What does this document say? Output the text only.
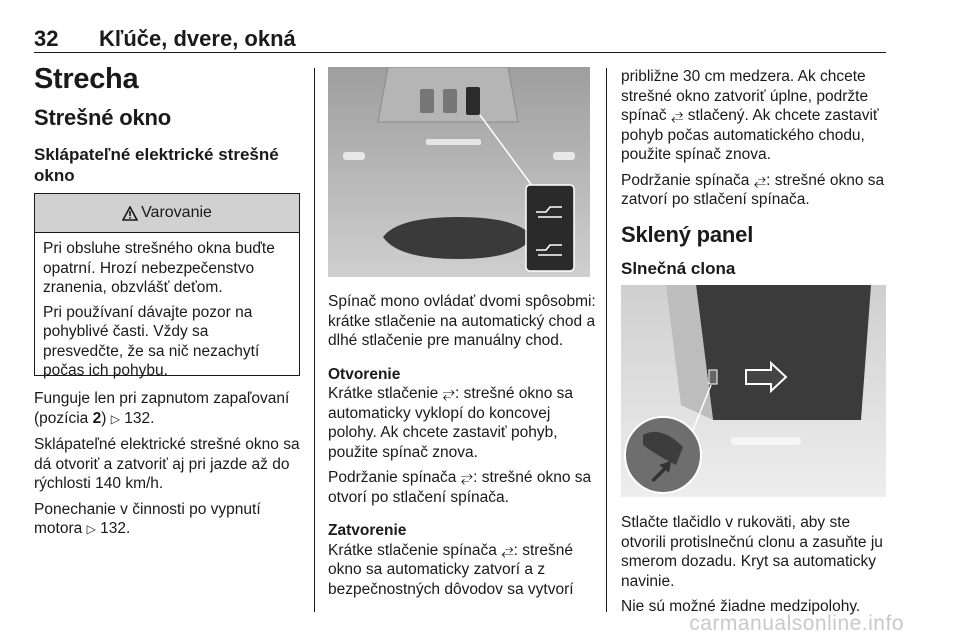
32 Kľúče, dvere, okná
Strecha
Strešné okno
Sklápateľné elektrické strešné okno
Varovanie

Pri obsluhe strešného okna buďte opatrní. Hrozí nebezpečenstvo zranenia, obzvlášť deťom.

Pri používaní dávajte pozor na pohyblivé časti. Vždy sa presvedčte, že sa nič nezachytí počas ich pohybu.

Funguje len pri zapnutom zapaľovaní (pozícia 2) ▷ 132.

Sklápateľné elektrické strešné okno sa dá otvoriť a zatvoriť aj pri jazde až do rýchlosti 140 km/h.

Ponechanie v činnosti po vypnutí motora ▷ 132.

Spínač mono ovládať dvomi spôsobmi: krátke stlačenie na automatický chod a dlhé stlačenie pre manuálny chod.

Otvorenie

Krátke stlačenie ⥂: strešné okno sa automaticky vyklopí do koncovej polohy. Ak chcete zastaviť pohyb, použite spínač znova.

Podržanie spínača ⥂: strešné okno sa otvorí po stlačení spínača.

Zatvorenie

Krátke stlačenie spínača ⥄: strešné okno sa automaticky zatvorí a z bezpečnostných dôvodov sa vytvorí

približne 30 cm medzera. Ak chcete strešné okno zatvoriť úplne, podržte spínač ⥄ stlačený. Ak chcete zastaviť pohyb počas automatického chodu, použite spínač znova.

Podržanie spínača ⥄: strešné okno sa zatvorí po stlačení spínača.

Sklený panel
Slnečná clona

Stlačte tlačidlo v rukoväti, aby ste otvorili protislnečnú clonu a zasuňte ju smerom dozadu. Kryt sa automaticky navinie.

Nie sú možné žiadne medzipolohy.

carmanualsonline.info
